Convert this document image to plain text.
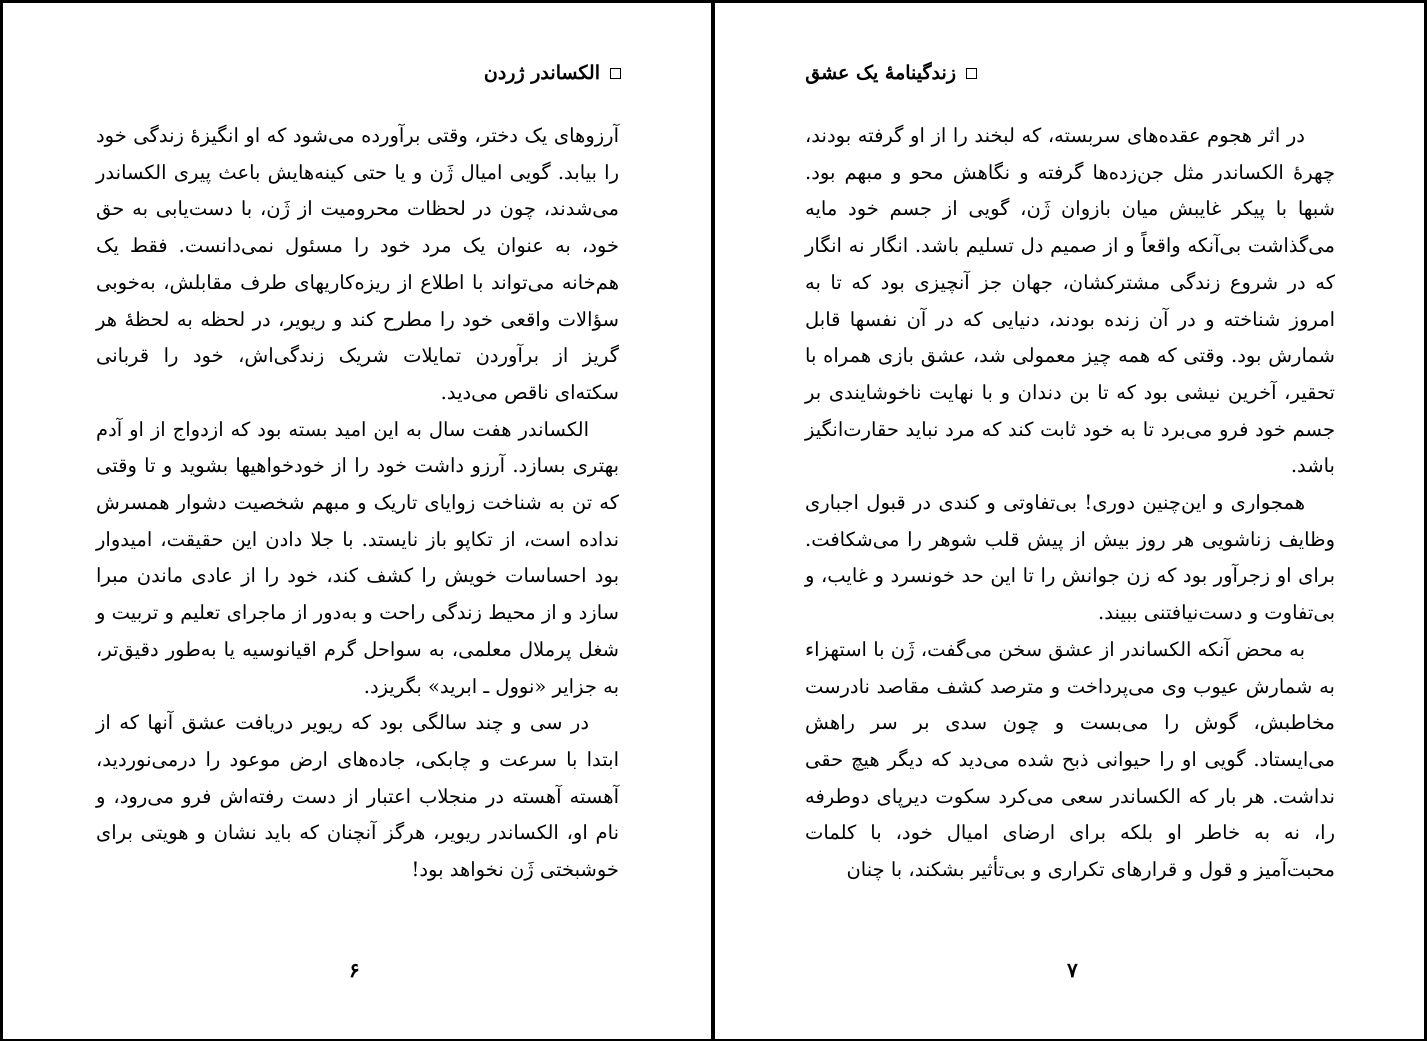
الکساندر ژردن

آرزوهای یک دختر، وقتی برآورده می‌شود که او انگیزهٔ زندگی خود را بیابد. گویی امیال ژَن و یا حتی کینه‌هایش باعث پیری الکساندر می‌شدند، چون در لحظات محرومیت از ژَن، با دست‌یابی به حق خود، به عنوان یک مرد خود را مسئول نمی‌دانست. فقط یک هم‌خانه می‌تواند با اطلاع از ریزه‌کاریهای طرف مقابلش، به‌خوبی سؤالات واقعی خود را مطرح کند و ریویر، در لحظه به لحظهٔ هر گریز از برآوردن تمایلات شریک زندگی‌اش، خود را قربانی سکته‌ای ناقص می‌دید.

الکساندر هفت سال به این امید بسته بود که ازدواج از او آدم بهتری بسازد. آرزو داشت خود را از خودخواهیها بشوید و تا وقتی که تن به شناخت زوایای تاریک و مبهم شخصیت دشوار همسرش نداده است، از تکاپو باز نایستد. با جلا دادن این حقیقت، امیدوار بود احساسات خویش را کشف کند، خود را از عادی ماندن مبرا سازد و از محیط زندگی راحت و به‌دور از ماجرای تعلیم و تربیت و شغل پرملال معلمی، به سواحل گرم اقیانوسیه یا به‌طور دقیق‌تر، به جزایر «نوول ـ ابرید» بگریزد.

در سی و چند سالگی بود که ریویر دریافت عشق آنها که از ابتدا با سرعت و چابکی، جاده‌های ارض موعود را درمی‌نوردید، آهسته آهسته در منجلاب اعتبار از دست رفته‌اش فرو می‌رود، و نام او، الکساندر ریویر، هرگز آنچنان که باید نشان و هویتی برای خوشبختی ژَن نخواهد بود!

۶
زندگینامهٔ یک عشق

در اثر هجوم عقده‌های سربسته، که لبخند را از او گرفته بودند، چهرهٔ الکساندر مثل جن‌زده‌ها گرفته و نگاهش محو و مبهم بود. شبها با پیکر غایبش میان بازوان ژَن، گویی از جسم خود مایه می‌گذاشت بی‌آنکه واقعاً و از صمیم دل تسلیم باشد. انگار نه انگار که در شروع زندگی مشترکشان، جهان جز آنچیزی بود که تا به امروز شناخته و در آن زنده بودند، دنیایی که در آن نفسها قابل شمارش بود. وقتی که همه چیز معمولی شد، عشق بازی همراه با تحقیر، آخرین نیشی بود که تا بن دندان و با نهایت ناخوشایندی بر جسم خود فرو می‌برد تا به خود ثابت کند که مرد نباید حقارت‌انگیز باشد.

همجواری و این‌چنین دوری! بی‌تفاوتی و کندی در قبول اجباری وظایف زناشویی هر روز بیش از پیش قلب شوهر را می‌شکافت. برای او زجرآور بود که زن جوانش را تا این حد خونسرد و غایب، و بی‌تفاوت و دست‌نیافتنی ببیند.

به محض آنکه الکساندر از عشق سخن می‌گفت، ژَن با استهزاء به شمارش عیوب وی می‌پرداخت و مترصد کشف مقاصد نادرست مخاطبش، گوش را می‌بست و چون سدی بر سر راهش می‌ایستاد. گویی او را حیوانی ذبح شده می‌دید که دیگر هیچ حقی نداشت. هر بار که الکساندر سعی می‌کرد سکوت دیرپای دوطرفه را، نه به خاطر او بلکه برای ارضای امیال خود، با کلمات محبت‌آمیز و قول و قرارهای تکراری و بی‌تأثیر بشکند، با چنان

۷
